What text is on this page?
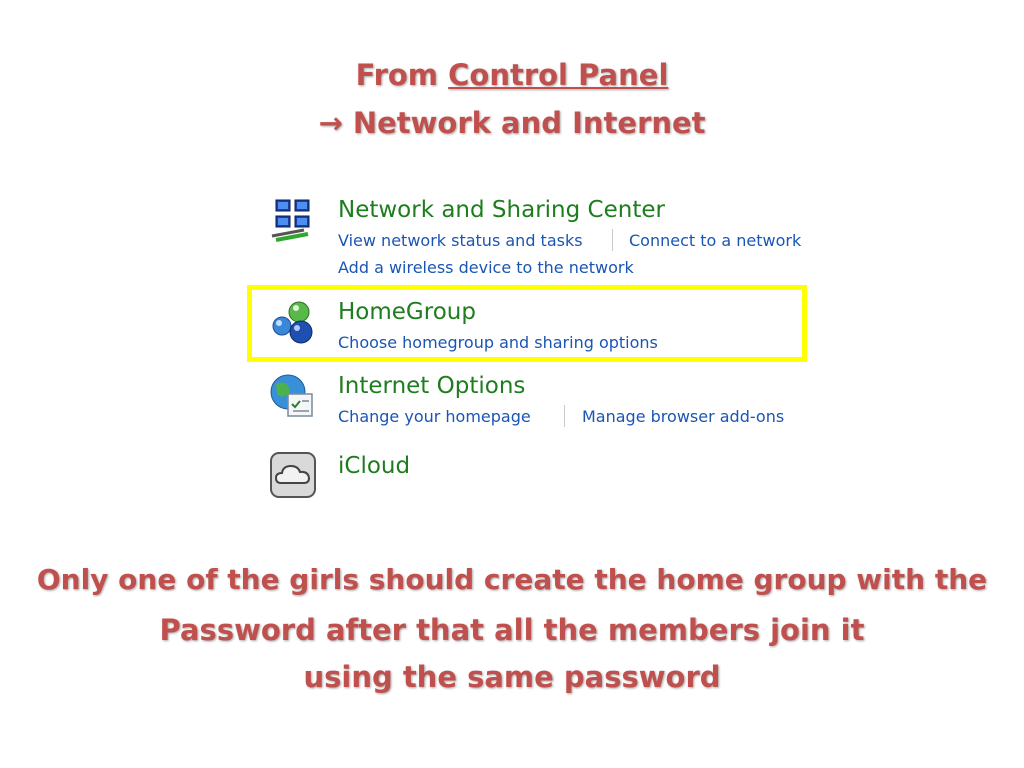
From Control Panel
→ Network and Internet
Network and Sharing Center
View network status and tasks	Connect to a network
Add a wireless device to the network
HomeGroup
Choose homegroup and sharing options
Internet Options
Change your homepage	Manage browser add-ons
iCloud
Only one of the girls should create the home group with the
Password after that all the members join it
using the same password
